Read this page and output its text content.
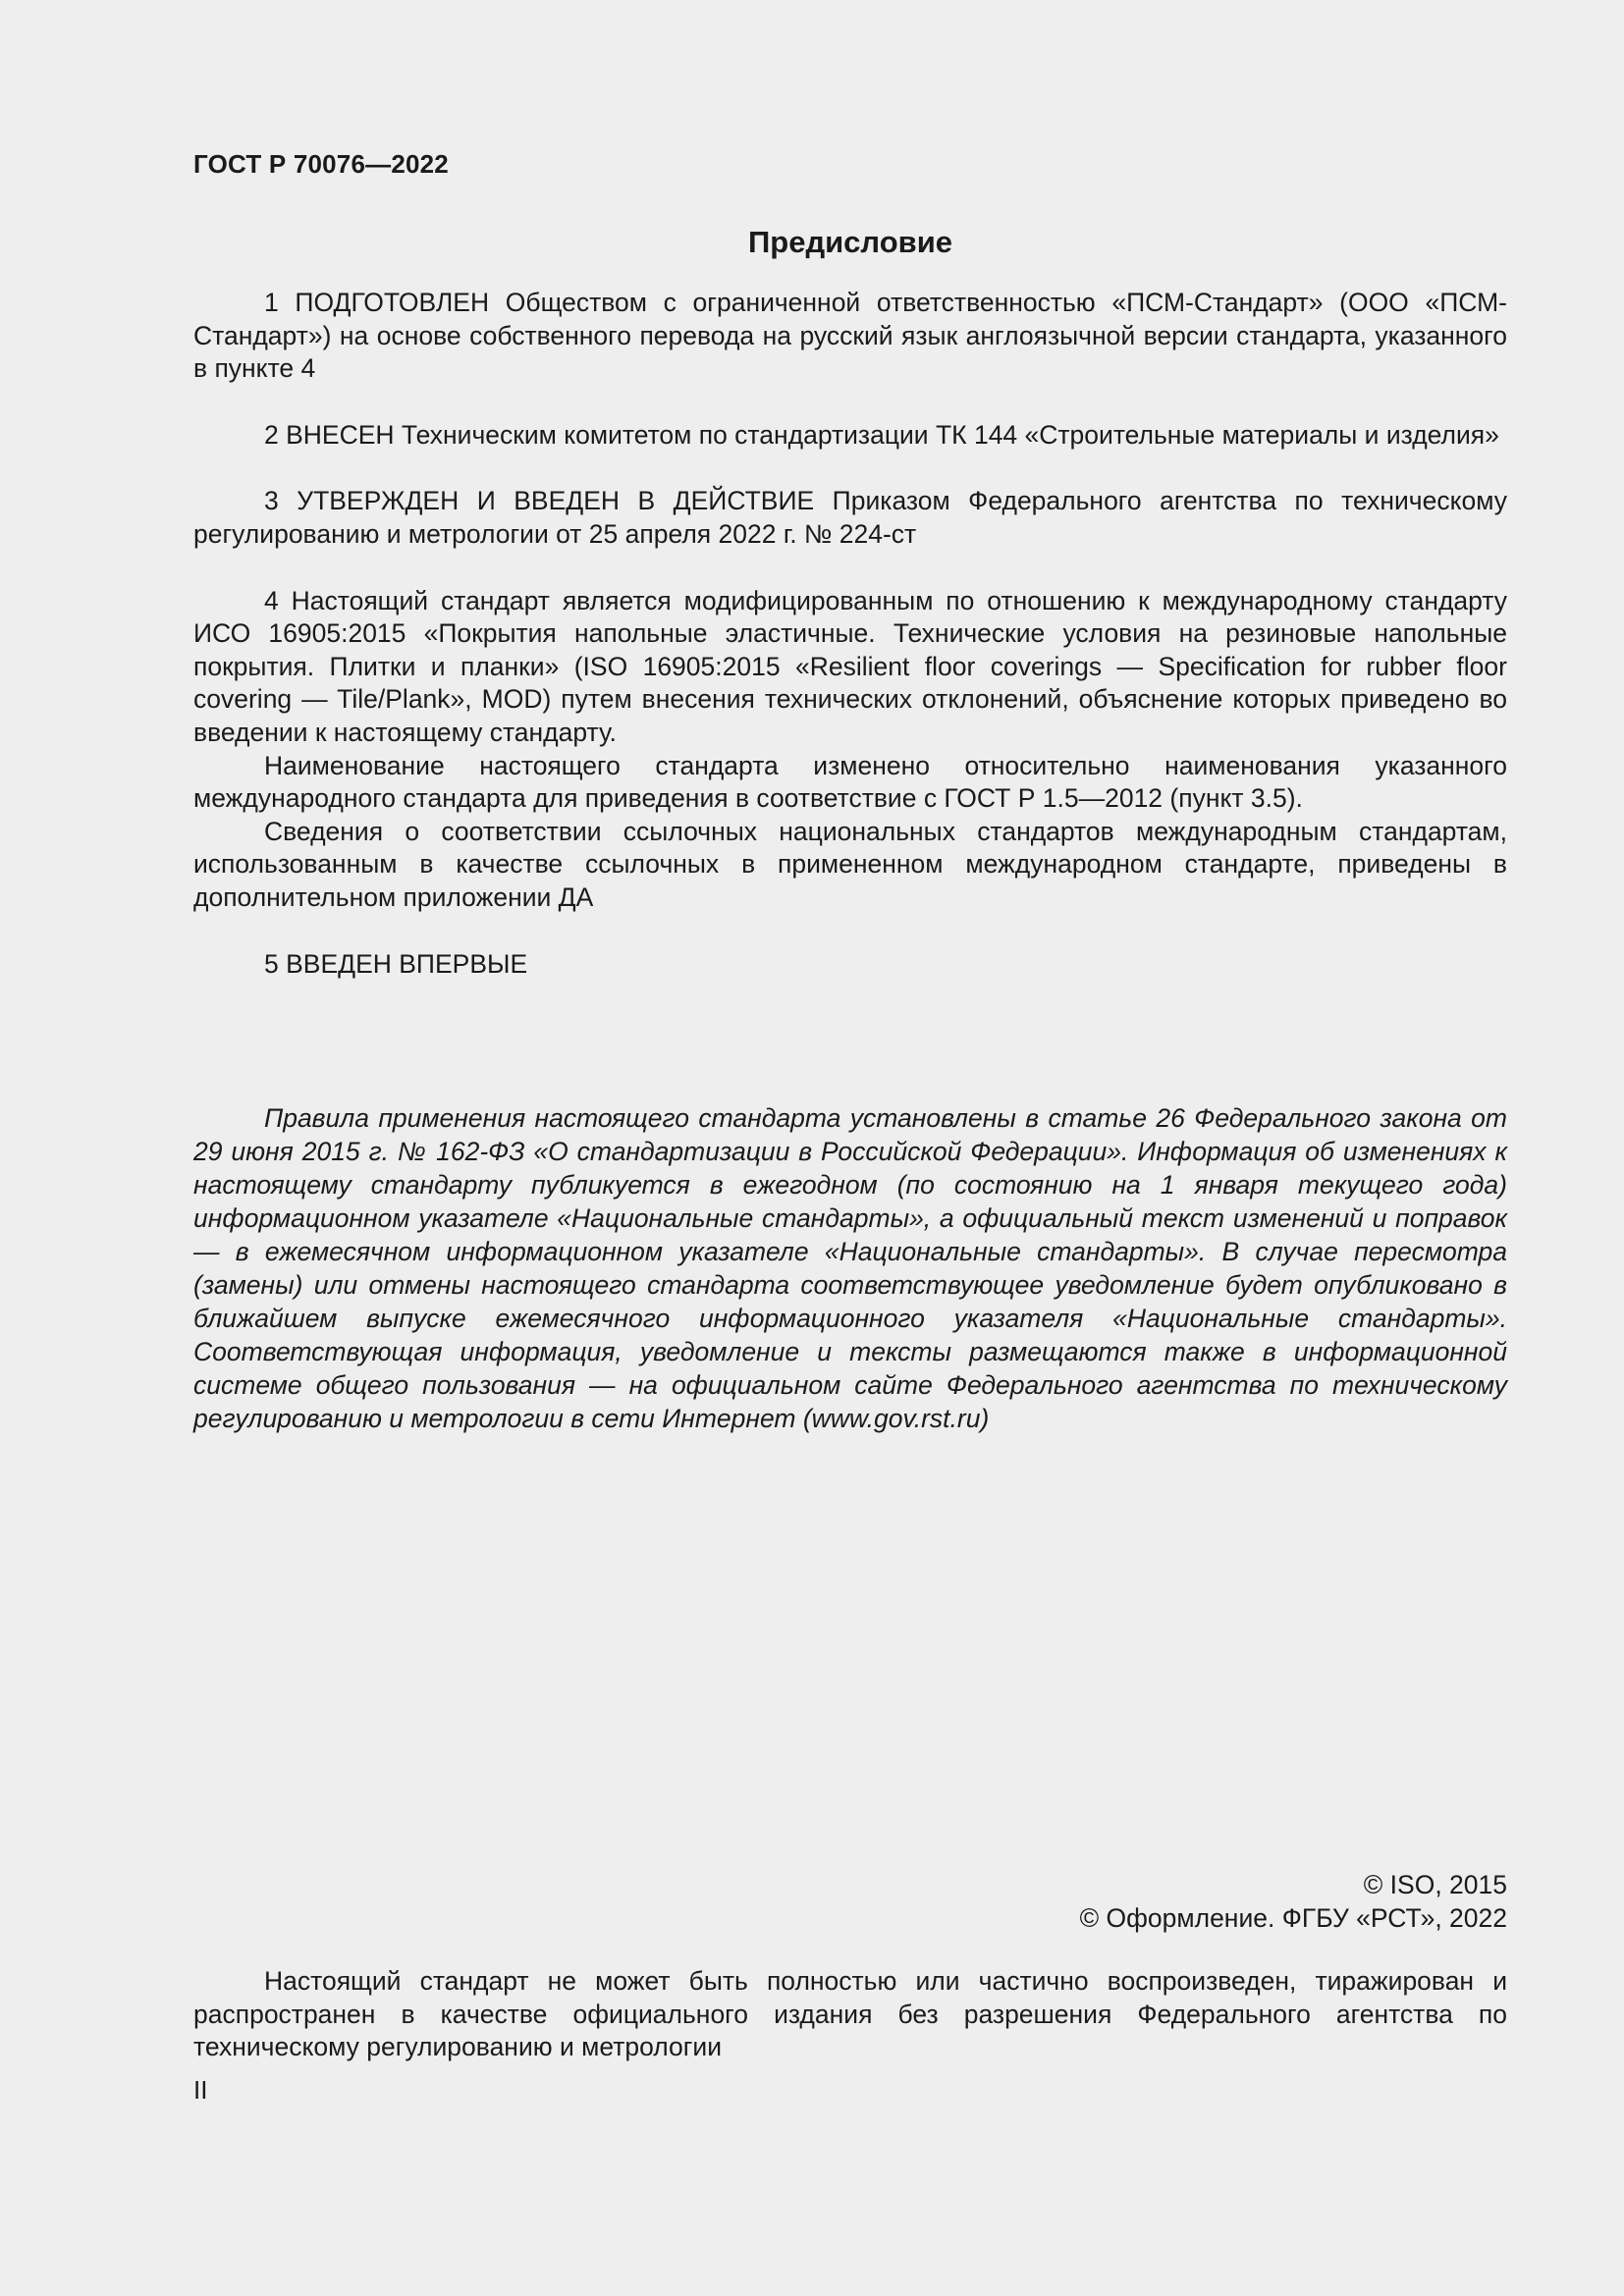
ГОСТ Р 70076—2022
Предисловие

1 ПОДГОТОВЛЕН Обществом с ограниченной ответственностью «ПСМ-Стандарт» (ООО «ПСМ-Стандарт») на основе собственного перевода на русский язык англоязычной версии стандарта, указанного в пункте 4

2 ВНЕСЕН Техническим комитетом по стандартизации ТК 144 «Строительные материалы и изделия»

3 УТВЕРЖДЕН И ВВЕДЕН В ДЕЙСТВИЕ Приказом Федерального агентства по техническому регулированию и метрологии от 25 апреля 2022 г. № 224-ст

4 Настоящий стандарт является модифицированным по отношению к международному стандарту ИСО 16905:2015 «Покрытия напольные эластичные. Технические условия на резиновые напольные покрытия. Плитки и планки» (ISO 16905:2015 «Resilient floor coverings — Specification for rubber floor covering — Tile/Plank», MOD) путем внесения технических отклонений, объяснение которых приведено во введении к настоящему стандарту.

Наименование настоящего стандарта изменено относительно наименования указанного международного стандарта для приведения в соответствие с ГОСТ Р 1.5—2012 (пункт 3.5).

Сведения о соответствии ссылочных национальных стандартов международным стандартам, использованным в качестве ссылочных в примененном международном стандарте, приведены в дополнительном приложении ДА

5 ВВЕДЕН ВПЕРВЫЕ

Правила применения настоящего стандарта установлены в статье 26 Федерального закона от 29 июня 2015 г. № 162-ФЗ «О стандартизации в Российской Федерации». Информация об изменениях к настоящему стандарту публикуется в ежегодном (по состоянию на 1 января текущего года) информационном указателе «Национальные стандарты», а официальный текст изменений и поправок — в ежемесячном информационном указателе «Национальные стандарты». В случае пересмотра (замены) или отмены настоящего стандарта соответствующее уведомление будет опубликовано в ближайшем выпуске ежемесячного информационного указателя «Национальные стандарты». Соответствующая информация, уведомление и тексты размещаются также в информационной системе общего пользования — на официальном сайте Федерального агентства по техническому регулированию и метрологии в сети Интернет (www.gov.rst.ru)

© ISO, 2015
© Оформление. ФГБУ «РСТ», 2022

Настоящий стандарт не может быть полностью или частично воспроизведен, тиражирован и распространен в качестве официального издания без разрешения Федерального агентства по техническому регулированию и метрологии

II
